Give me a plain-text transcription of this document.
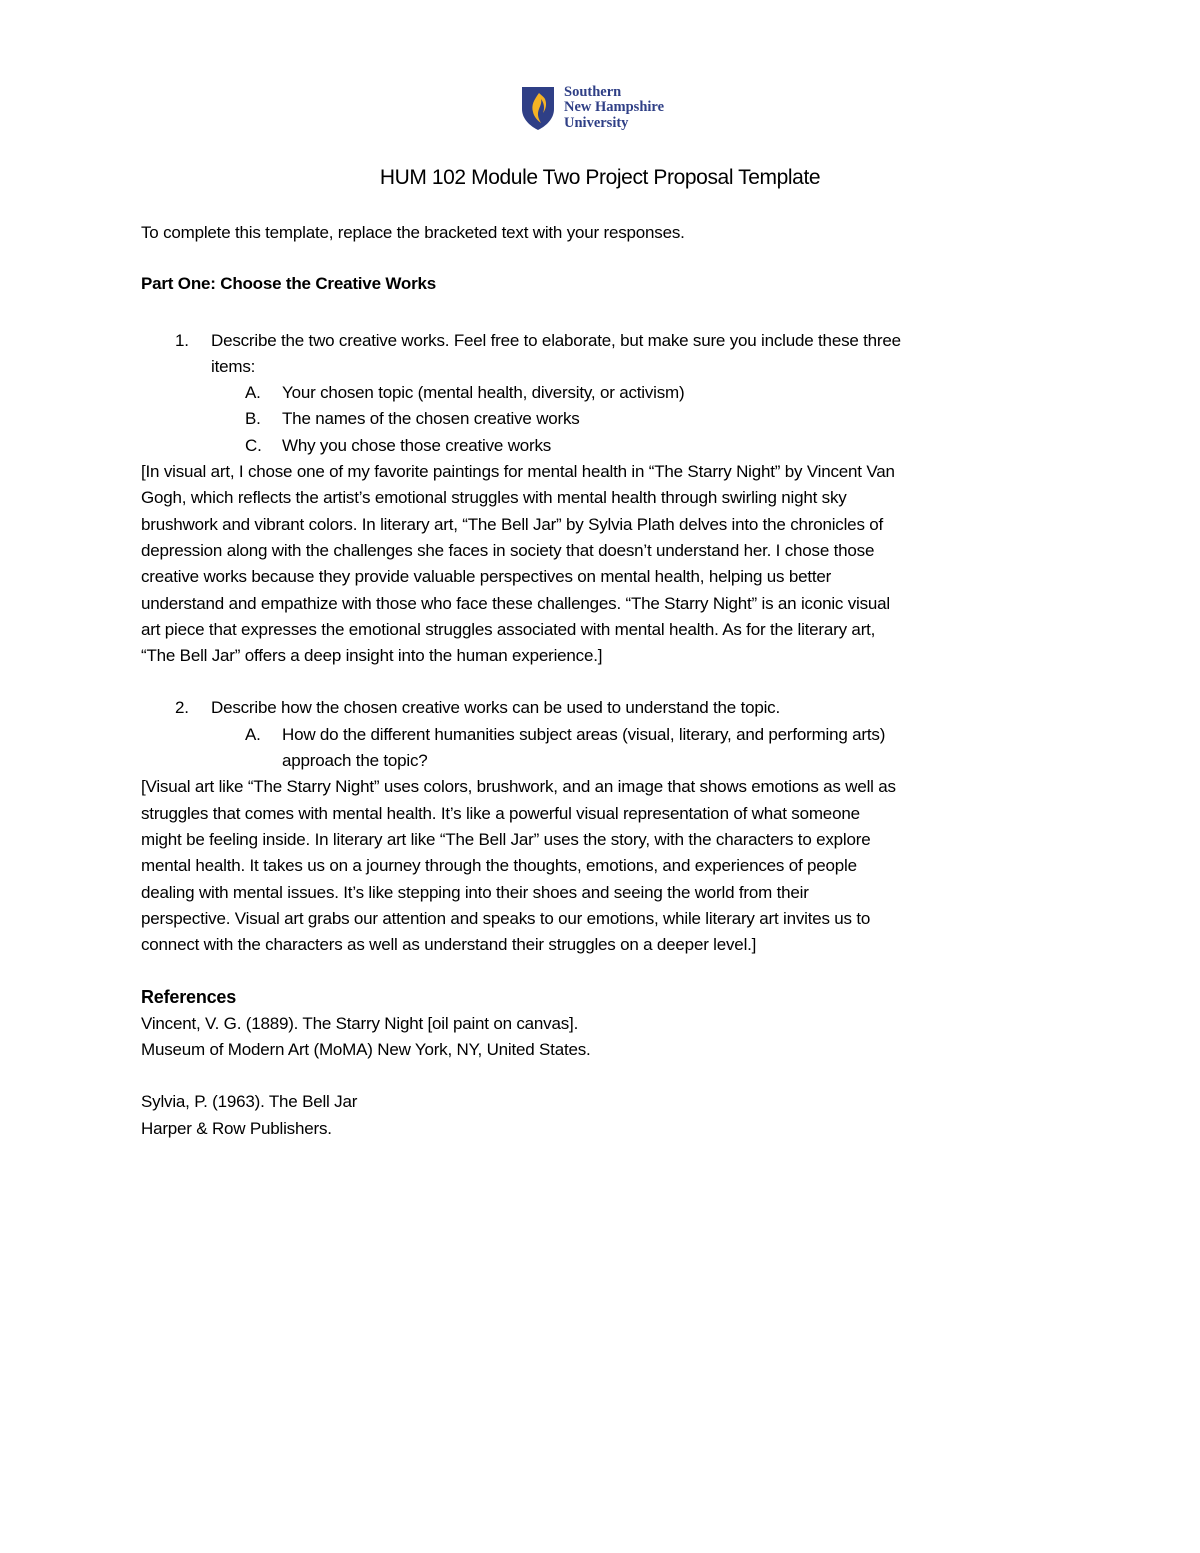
Southern
New Hampshire
University
HUM 102 Module Two Project Proposal Template

To complete this template, replace the bracketed text with your responses.

Part One: Choose the Creative Works

1.	Describe the two creative works. Feel free to elaborate, but make sure you include these three
items:
A.	Your chosen topic (mental health, diversity, or activism)
B.	The names of the chosen creative works
C.	Why you chose those creative works
[In visual art, I chose one of my favorite paintings for mental health in “The Starry Night” by Vincent Van
Gogh, which reflects the artist’s emotional struggles with mental health through swirling night sky
brushwork and vibrant colors. In literary art, “The Bell Jar” by Sylvia Plath delves into the chronicles of
depression along with the challenges she faces in society that doesn’t understand her. I chose those
creative works because they provide valuable perspectives on mental health, helping us better
understand and empathize with those who face these challenges. “The Starry Night” is an iconic visual
art piece that expresses the emotional struggles associated with mental health. As for the literary art,
“The Bell Jar” offers a deep insight into the human experience.]
2.	Describe how the chosen creative works can be used to understand the topic.
A.	How do the different humanities subject areas (visual, literary, and performing arts)
approach the topic?
[Visual art like “The Starry Night” uses colors, brushwork, and an image that shows emotions as well as
struggles that comes with mental health. It’s like a powerful visual representation of what someone
might be feeling inside. In literary art like “The Bell Jar” uses the story, with the characters to explore
mental health. It takes us on a journey through the thoughts, emotions, and experiences of people
dealing with mental issues. It’s like stepping into their shoes and seeing the world from their
perspective. Visual art grabs our attention and speaks to our emotions, while literary art invites us to
connect with the characters as well as understand their struggles on a deeper level.]
References
Vincent, V. G. (1889). The Starry Night [oil paint on canvas].
Museum of Modern Art (MoMA) New York, NY, United States.
Sylvia, P. (1963). The Bell Jar
Harper & Row Publishers.
